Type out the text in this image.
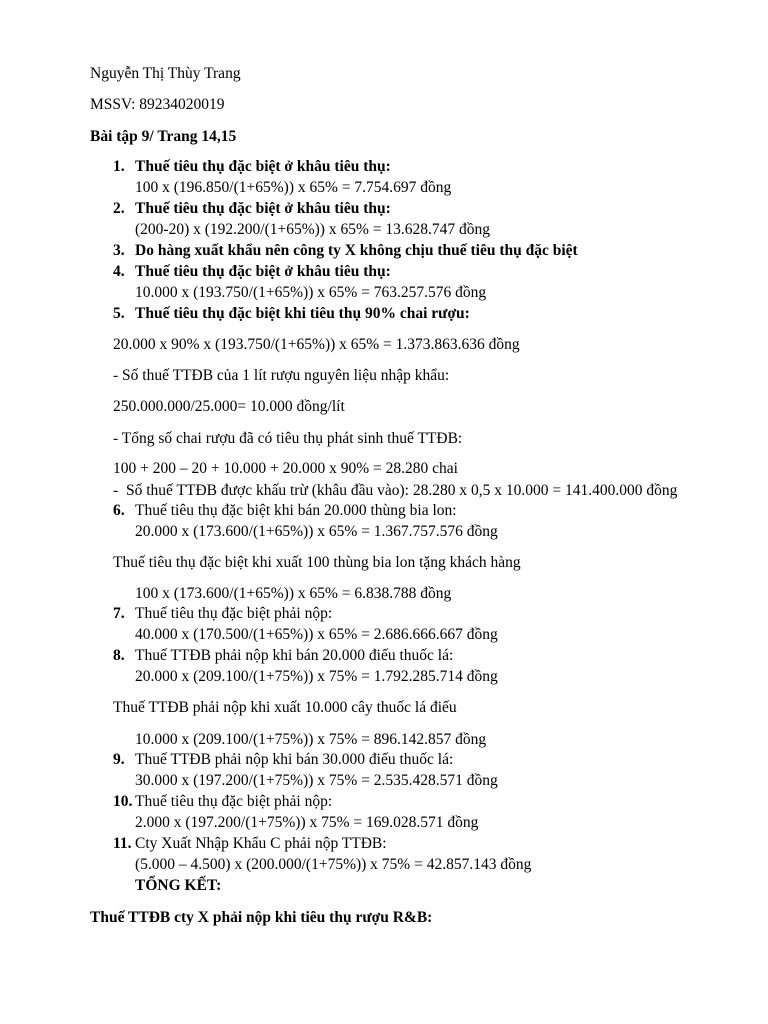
Nguyễn Thị Thùy Trang
MSSV: 89234020019
Bài tập 9/ Trang 14,15
1. Thuế tiêu thụ đặc biệt ở khâu tiêu thụ:
100 x (196.850/(1+65%)) x 65% = 7.754.697 đồng
2. Thuế tiêu thụ đặc biệt ở khâu tiêu thụ:
(200-20) x (192.200/(1+65%)) x 65% = 13.628.747 đồng
3. Do hàng xuất khẩu nên công ty X không chịu thuế tiêu thụ đặc biệt
4. Thuế tiêu thụ đặc biệt ở khâu tiêu thụ:
10.000 x (193.750/(1+65%)) x 65% = 763.257.576 đồng
5. Thuế tiêu thụ đặc biệt khi tiêu thụ 90% chai rượu:
20.000 x 90% x (193.750/(1+65%)) x 65% = 1.373.863.636 đồng
- Số thuế TTĐB của 1 lít rượu nguyên liệu nhập khẩu:
250.000.000/25.000= 10.000 đồng/lít
- Tổng số chai rượu đã có tiêu thụ phát sinh thuế TTĐB:
100 + 200 – 20 + 10.000 + 20.000 x 90% = 28.280 chai
- Số thuế TTĐB được khấu trừ (khâu đầu vào): 28.280 x 0,5 x 10.000 = 141.400.000 đồng
6. Thuế tiêu thụ đặc biệt khi bán 20.000 thùng bia lon:
20.000 x (173.600/(1+65%)) x 65% = 1.367.757.576 đồng
Thuế tiêu thụ đặc biệt khi xuất 100 thùng bia lon tặng khách hàng
100 x (173.600/(1+65%)) x 65% = 6.838.788 đồng
7. Thuế tiêu thụ đặc biệt phải nộp:
40.000 x (170.500/(1+65%)) x 65% = 2.686.666.667 đồng
8. Thuế TTĐB phải nộp khi bán 20.000 điếu thuốc lá:
20.000 x (209.100/(1+75%)) x 75% = 1.792.285.714 đồng
Thuế TTĐB phải nộp khi xuất 10.000 cây thuốc lá điếu
10.000 x (209.100/(1+75%)) x 75% = 896.142.857 đồng
9. Thuế TTĐB phải nộp khi bán 30.000 điếu thuốc lá:
30.000 x (197.200/(1+75%)) x 75% = 2.535.428.571 đồng
10. Thuế tiêu thụ đặc biệt phải nộp:
2.000 x (197.200/(1+75%)) x 75% = 169.028.571 đồng
11. Cty Xuất Nhập Khẩu C phải nộp TTĐB:
(5.000 – 4.500) x (200.000/(1+75%)) x 75% = 42.857.143 đồng
TỔNG KẾT:
Thuế TTĐB cty X phải nộp khi tiêu thụ rượu R&B:
